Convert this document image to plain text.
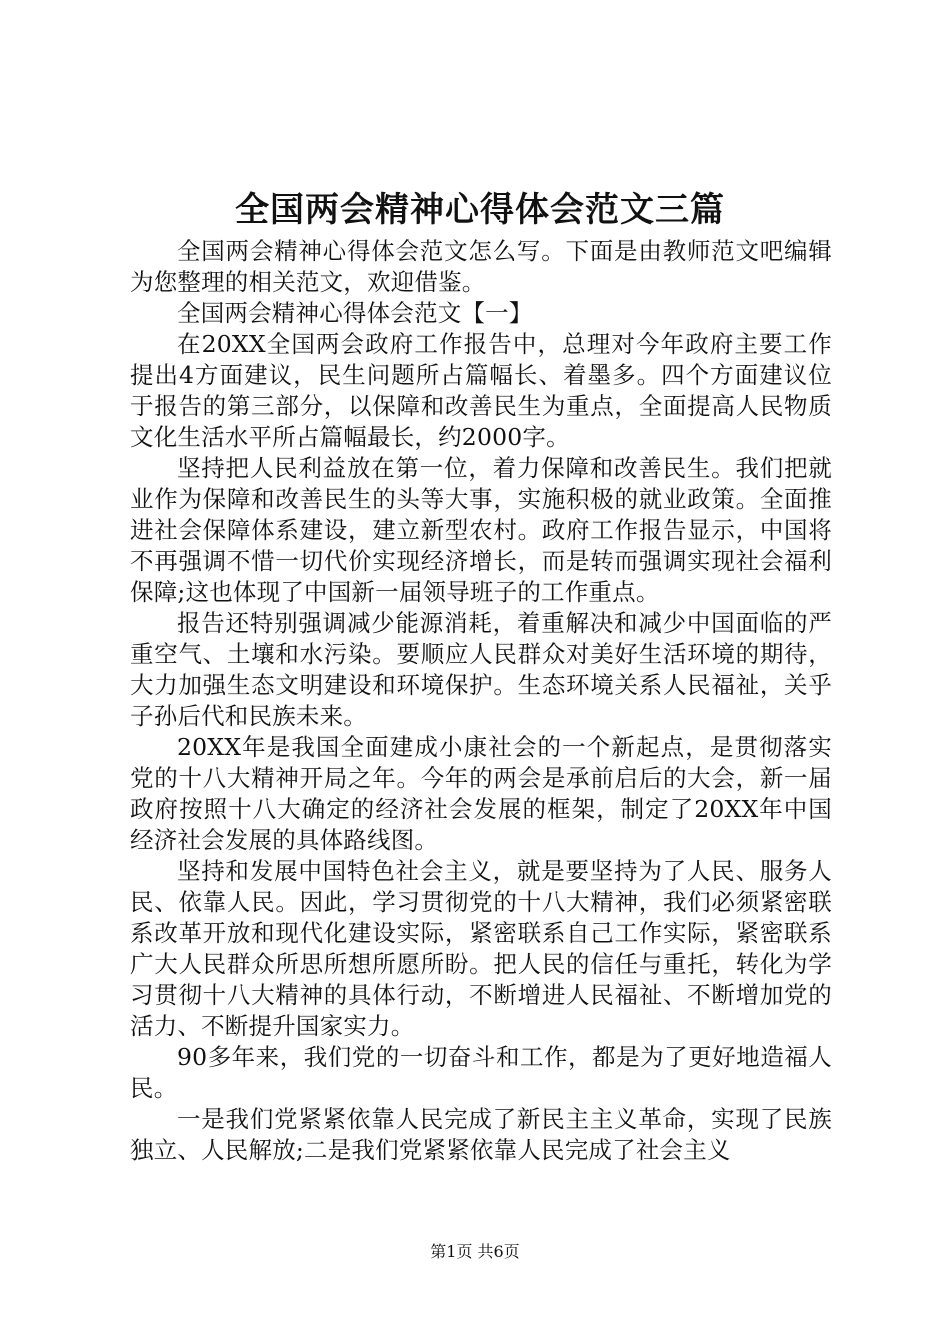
全国两会精神心得体会范文三篇

全国两会精神心得体会范文怎么写。下面是由教师范文吧编辑为您整理的相关范文，欢迎借鉴。

全国两会精神心得体会范文【一】

在20XX全国两会政府工作报告中，总理对今年政府主要工作提出4方面建议，民生问题所占篇幅长、着墨多。四个方面建议位于报告的第三部分，以保障和改善民生为重点，全面提高人民物质文化生活水平所占篇幅最长，约2000字。

坚持把人民利益放在第一位，着力保障和改善民生。我们把就业作为保障和改善民生的头等大事，实施积极的就业政策。全面推进社会保障体系建设，建立新型农村。政府工作报告显示，中国将不再强调不惜一切代价实现经济增长，而是转而强调实现社会福利保障;这也体现了中国新一届领导班子的工作重点。

报告还特别强调减少能源消耗，着重解决和减少中国面临的严重空气、土壤和水污染。要顺应人民群众对美好生活环境的期待，大力加强生态文明建设和环境保护。生态环境关系人民福祉，关乎子孙后代和民族未来。

20XX年是我国全面建成小康社会的一个新起点，是贯彻落实党的十八大精神开局之年。今年的两会是承前启后的大会，新一届政府按照十八大确定的经济社会发展的框架，制定了20XX年中国经济社会发展的具体路线图。

坚持和发展中国特色社会主义，就是要坚持为了人民、服务人民、依靠人民。因此，学习贯彻党的十八大精神，我们必须紧密联系改革开放和现代化建设实际，紧密联系自己工作实际，紧密联系广大人民群众所思所想所愿所盼。把人民的信任与重托，转化为学习贯彻十八大精神的具体行动，不断增进人民福祉、不断增加党的活力、不断提升国家实力。

90多年来，我们党的一切奋斗和工作，都是为了更好地造福人民。

一是我们党紧紧依靠人民完成了新民主主义革命，实现了民族独立、人民解放;二是我们党紧紧依靠人民完成了社会主义

第1页 共6页
